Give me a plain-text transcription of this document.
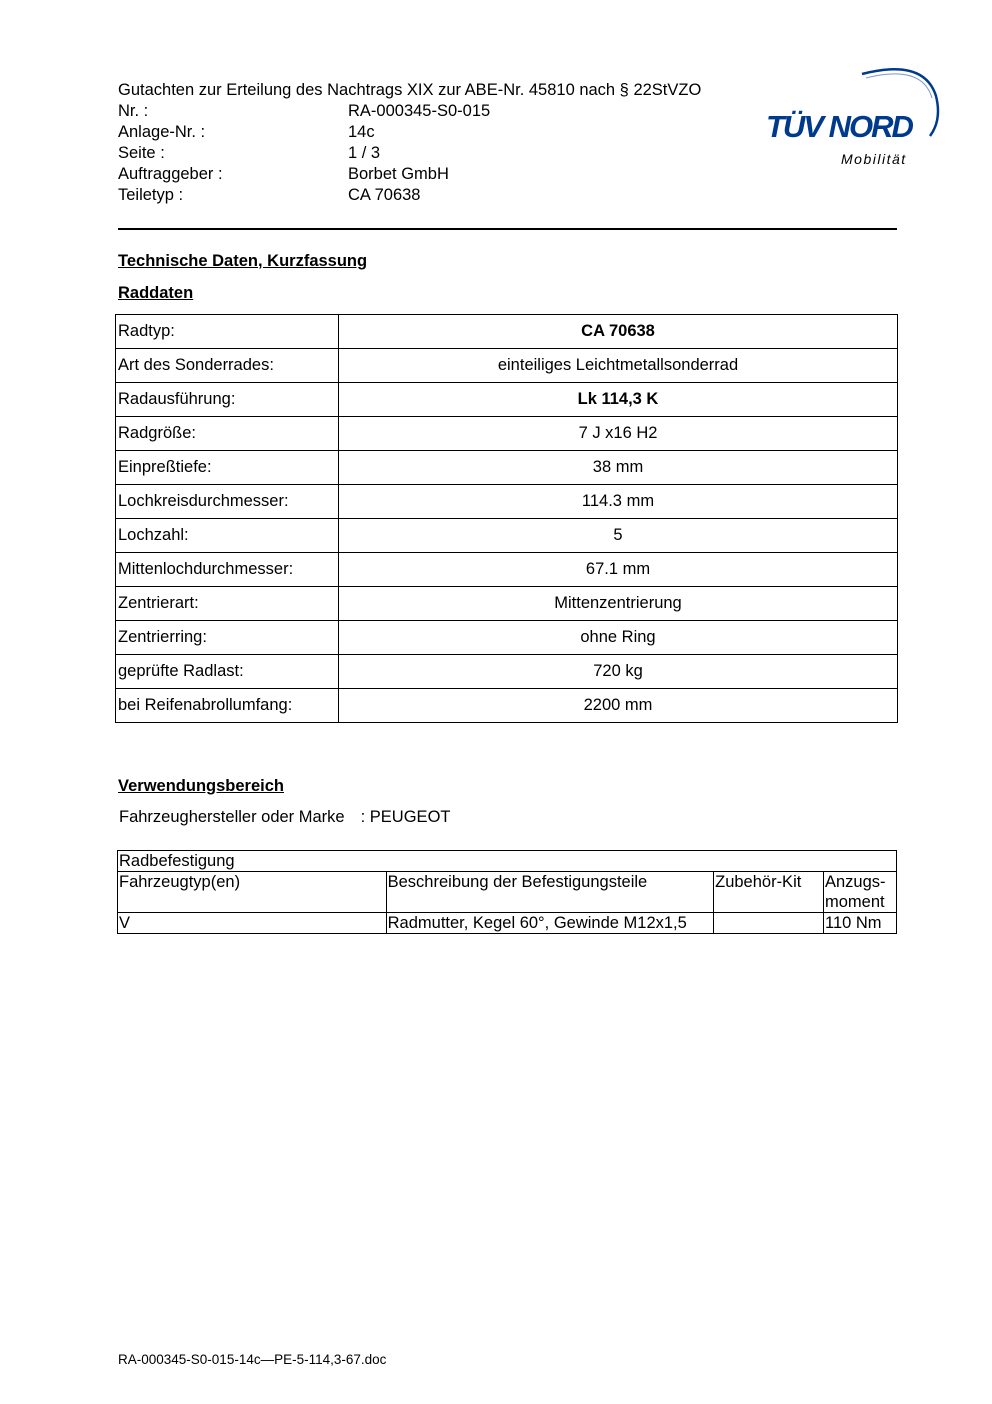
Gutachten zur Erteilung des Nachtrags XIX zur ABE-Nr. 45810 nach § 22StVZO
Nr. :	RA-000345-S0-015
Anlage-Nr. :	14c
Seite :	1 / 3
Auftraggeber :	Borbet GmbH
Teiletyp :	CA 70638
TÜV NORD
Mobilität
Technische Daten, Kurzfassung
Raddaten
Radtyp:	CA 70638
Art des Sonderrades:	einteiliges Leichtmetallsonderrad
Radausführung:	Lk 114,3 K
Radgröße:	7 J x16 H2
Einpreßtiefe:	38 mm
Lochkreisdurchmesser:	114.3 mm
Lochzahl:	5
Mittenlochdurchmesser:	67.1 mm
Zentrierart:	Mittenzentrierung
Zentrierring:	ohne Ring
geprüfte Radlast:	720 kg
bei Reifenabrollumfang:	2200 mm
Verwendungsbereich
Fahrzeughersteller oder Marke : PEUGEOT
Radbefestigung			
Fahrzeugtyp(en)	Beschreibung der Befestigungsteile	Zubehör-Kit	Anzugs-moment
V	Radmutter, Kegel 60°, Gewinde M12x1,5		110 Nm
RA-000345-S0-015-14c—PE-5-114,3-67.doc
